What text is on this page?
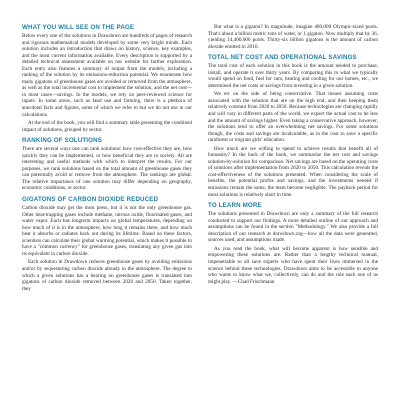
WHAT YOU WILL SEE ON THE PAGE

Below every one of the solutions in Drawdown are hundreds of pages of research and rigorous mathematical models developed by some very bright minds. Each solution includes an introduction that draws on history, science, key examples, and the most current information available. Every description is supported by a detailed technical assessment available on our website for further exploration. Each entry also features a summary of output from the models, including a ranking of the solution by its emissions-reduction potential. We enumerate how many gigatons of greenhouse gases are avoided or removed from the atmosphere, as well as the total incremental cost to implement the solution, and the net cost—in most cases—savings. In the models, we rely on peer-reviewed science for inputs. In some areas, such as land use and farming, there is a plethora of anecdotal facts and figures, some of which we refer to but we do not use in our calculations.

At the end of the book, you will find a summary table presenting the combined impact of solutions, grouped by sector.

RANKING OF SOLUTIONS

There are several ways one can rank solutions: how cost-effective they are, how quickly they can be implemented, or how beneficial they are to society. All are interesting and useful methods with which to interpret the results. For our purposes, we rank solutions based on the total amount of greenhouse gases they can potentially avoid or remove from the atmosphere. The rankings are global. The relative importance of one solution may differ depending on geography, economic conditions, or sector.

GIGATONS OF CARBON DIOXIDE REDUCED

Carbon dioxide may get the most press, but it is not the only greenhouse gas. Other heat-trapping gases include methane, nitrous oxide, fluorinated gases, and water vapor. Each has longterm impacts on global temperatures, depending on how much of it is in the atmosphere, how long it remains there, and how much heat it absorbs or radiates back out during its lifetime. Based on these factors, scientists can calculate their global warming potential, which makes it possible to have a "common currency" for greenhouse gases, translating any given gas into its equivalent in carbon dioxide.

Each solution in Drawdown reduces greenhouse gases by avoiding emissions and/or by sequestering carbon dioxide already in the atmosphere. The degree to which a given solutions has a bearing on greenhouse gases is translated into gigatons of carbon dioxide removed between 2020 and 2050. Taken together, they

But what is a gigaton? In magnitude, imagine 400,000 Olympic-sized pools. That's about a billion metric tons of water, or 1 gigaton. Now multiply that by 36, yielding 14,400,000 pools. Thirty-six billion gigatons is the amount of carbon dioxide emitted in 2016.

TOTAL NET COST AND OPERATIONAL SAVINGS

The total cost of each solution in this book is the amount needed to purchase, install, and operate it over thirty years. By comparing this to what we typically would spend on food, fuel for cars, heating and cooling for our homes, etc., we determined the net costs or savings from investing in a given solution.

We err on the side of being conservative. That means assuming costs associated with the solution that are on the high end, and then keeping them relatively constant from 2020 to 2050. Because technologies are changing rapidly and will vary in different parts of the world, we expect the actual cost to be less and the amount of savings higher. Even taking a conservative approach, however, the solutions tend to offer an overwhelming net savings. For some solutions though, the costs and savings are incalculable, as in the cost to save a specific rainforest or migrant girls' education.

How much are we willing to spend to achieve results that benefit all of humanity? In the back of the book, we summarize the net cost and savings solution-by-solution for comparison. Net savings are based on the operating costs of solutions after implementation from 2020 to 2050. This calculation reveals the cost-effectiveness of the solutions presented. When considering the scale of benefits, the potential profits and savings, and the investments needed if emissions remain the same, the team become negligible. The payback period for most solutions is relatively short in time.

TO LEARN MORE

The solutions presented in Drawdown are only a summary of the full research conducted to support our findings. A more detailed outline of our approach and assumptions can be found in the section "Methodology." We also provide a full description of our research at drawdown.org—how all the data were generated, sources used, and assumptions made.

As you read the book, what will become apparent is how sensible and empowering these solutions are. Rather than a lengthy technical manual, impenetrable to all save experts who have spent their lives immersed in the science behind these technologies, Drawdown aims to be accessible to anyone who wants to know what we, collectively, can do and the role each one of us might play. —Chad Frischmann
